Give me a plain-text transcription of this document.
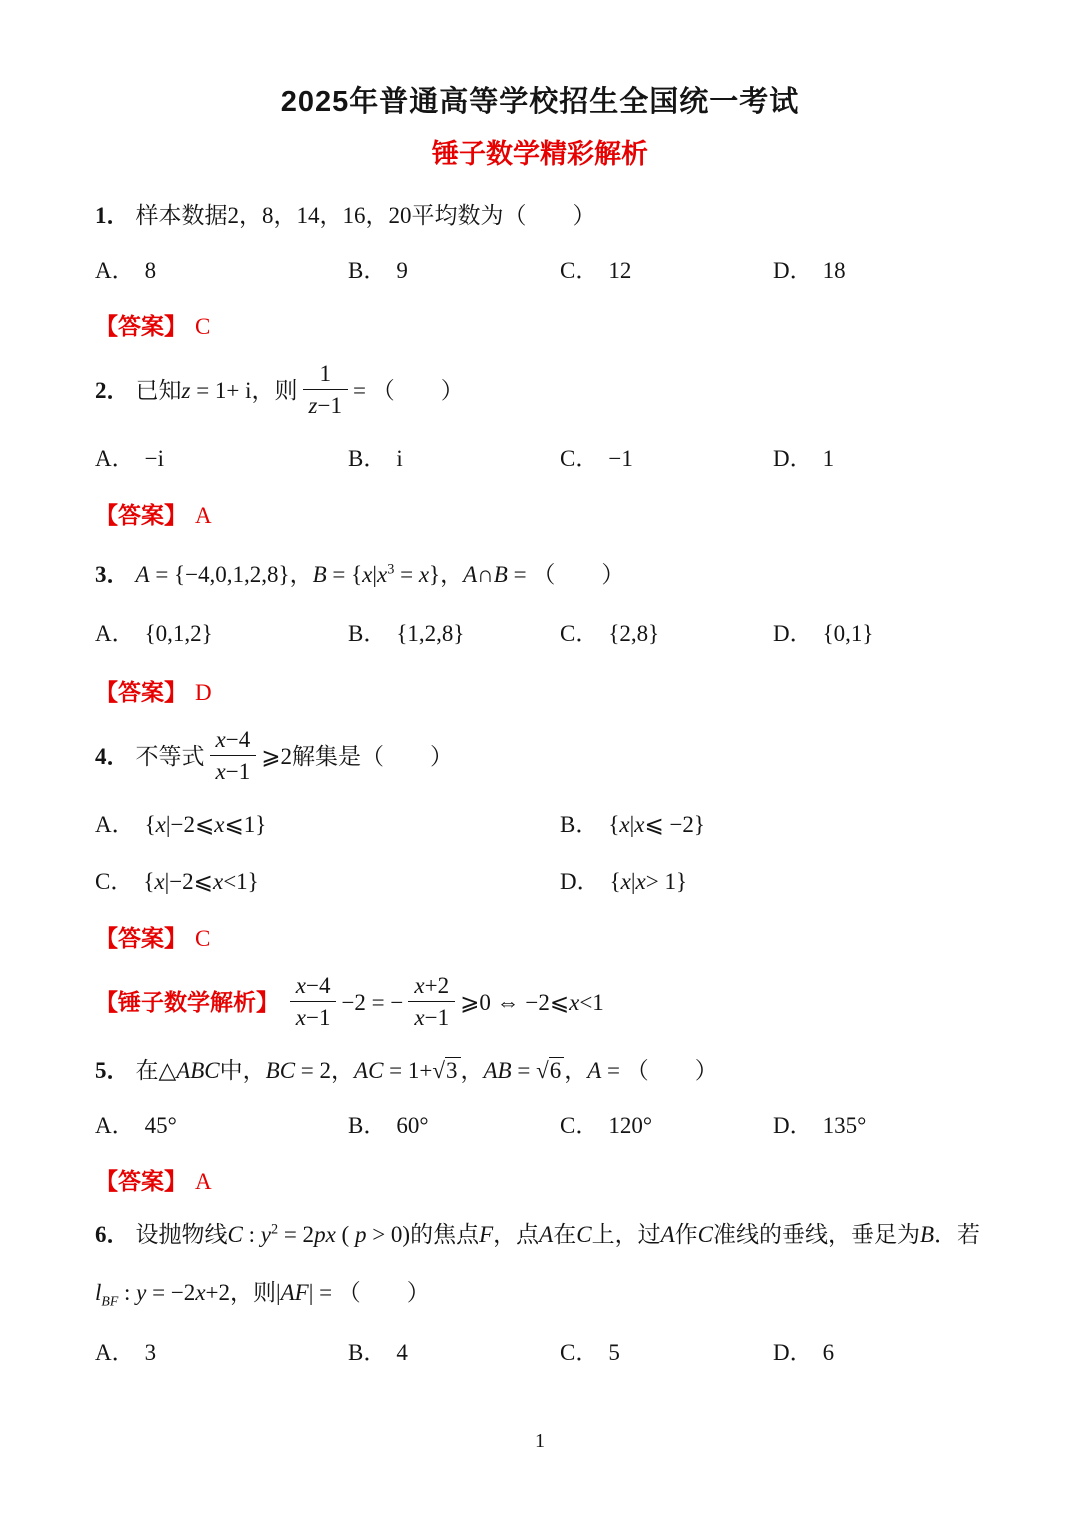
2025年普通高等学校招生全国统一考试
锤子数学精彩解析
1． 样本数据2，8，14，16，20平均数为（　　）
A． 8	B． 9	C． 12	D． 18
【答案】 C
2． 已知z = 1+ i，则 $\frac{1}{z-1}$ = （　　）
A． −i	B． i	C． −1	D． 1
【答案】 A
3． A = {−4,0,1,2,8}，$B = \{x|x^3 = x\}$，A∩B = （　　）
A． {0,1,2}	B． {1,2,8}	C． {2,8}	D． {0,1}
【答案】 D
4． 不等式 $\frac{x-4}{x-1}$ ⩾2解集是（　　）
A． {x|−2⩽x⩽1}	B． {x|x⩽ −2}
C． {x|−2⩽x<1}	D． {x|x> 1}
【答案】 C
【锤子数学解析】 $\frac{x-4}{x-1} -2$ = − $\frac{x+2}{x-1}$ ⩾0 ⇔ −2⩽x<1
5． 在△ABC中，BC = 2，AC = 1+√3 ，AB = √6 ，A = （　　）
A． 45°	B． 60°	C． 120°	D． 135°
【答案】 A
6． 设抛物线C : $y^2 = 2px$ ( p > 0)的焦点F，点A在C上，过A作C准线的垂线，垂足为B．若
$l_{BF}$ : y = −2x+2，则|AF| = （　　）
A． 3	B． 4	C． 5	D． 6
1
